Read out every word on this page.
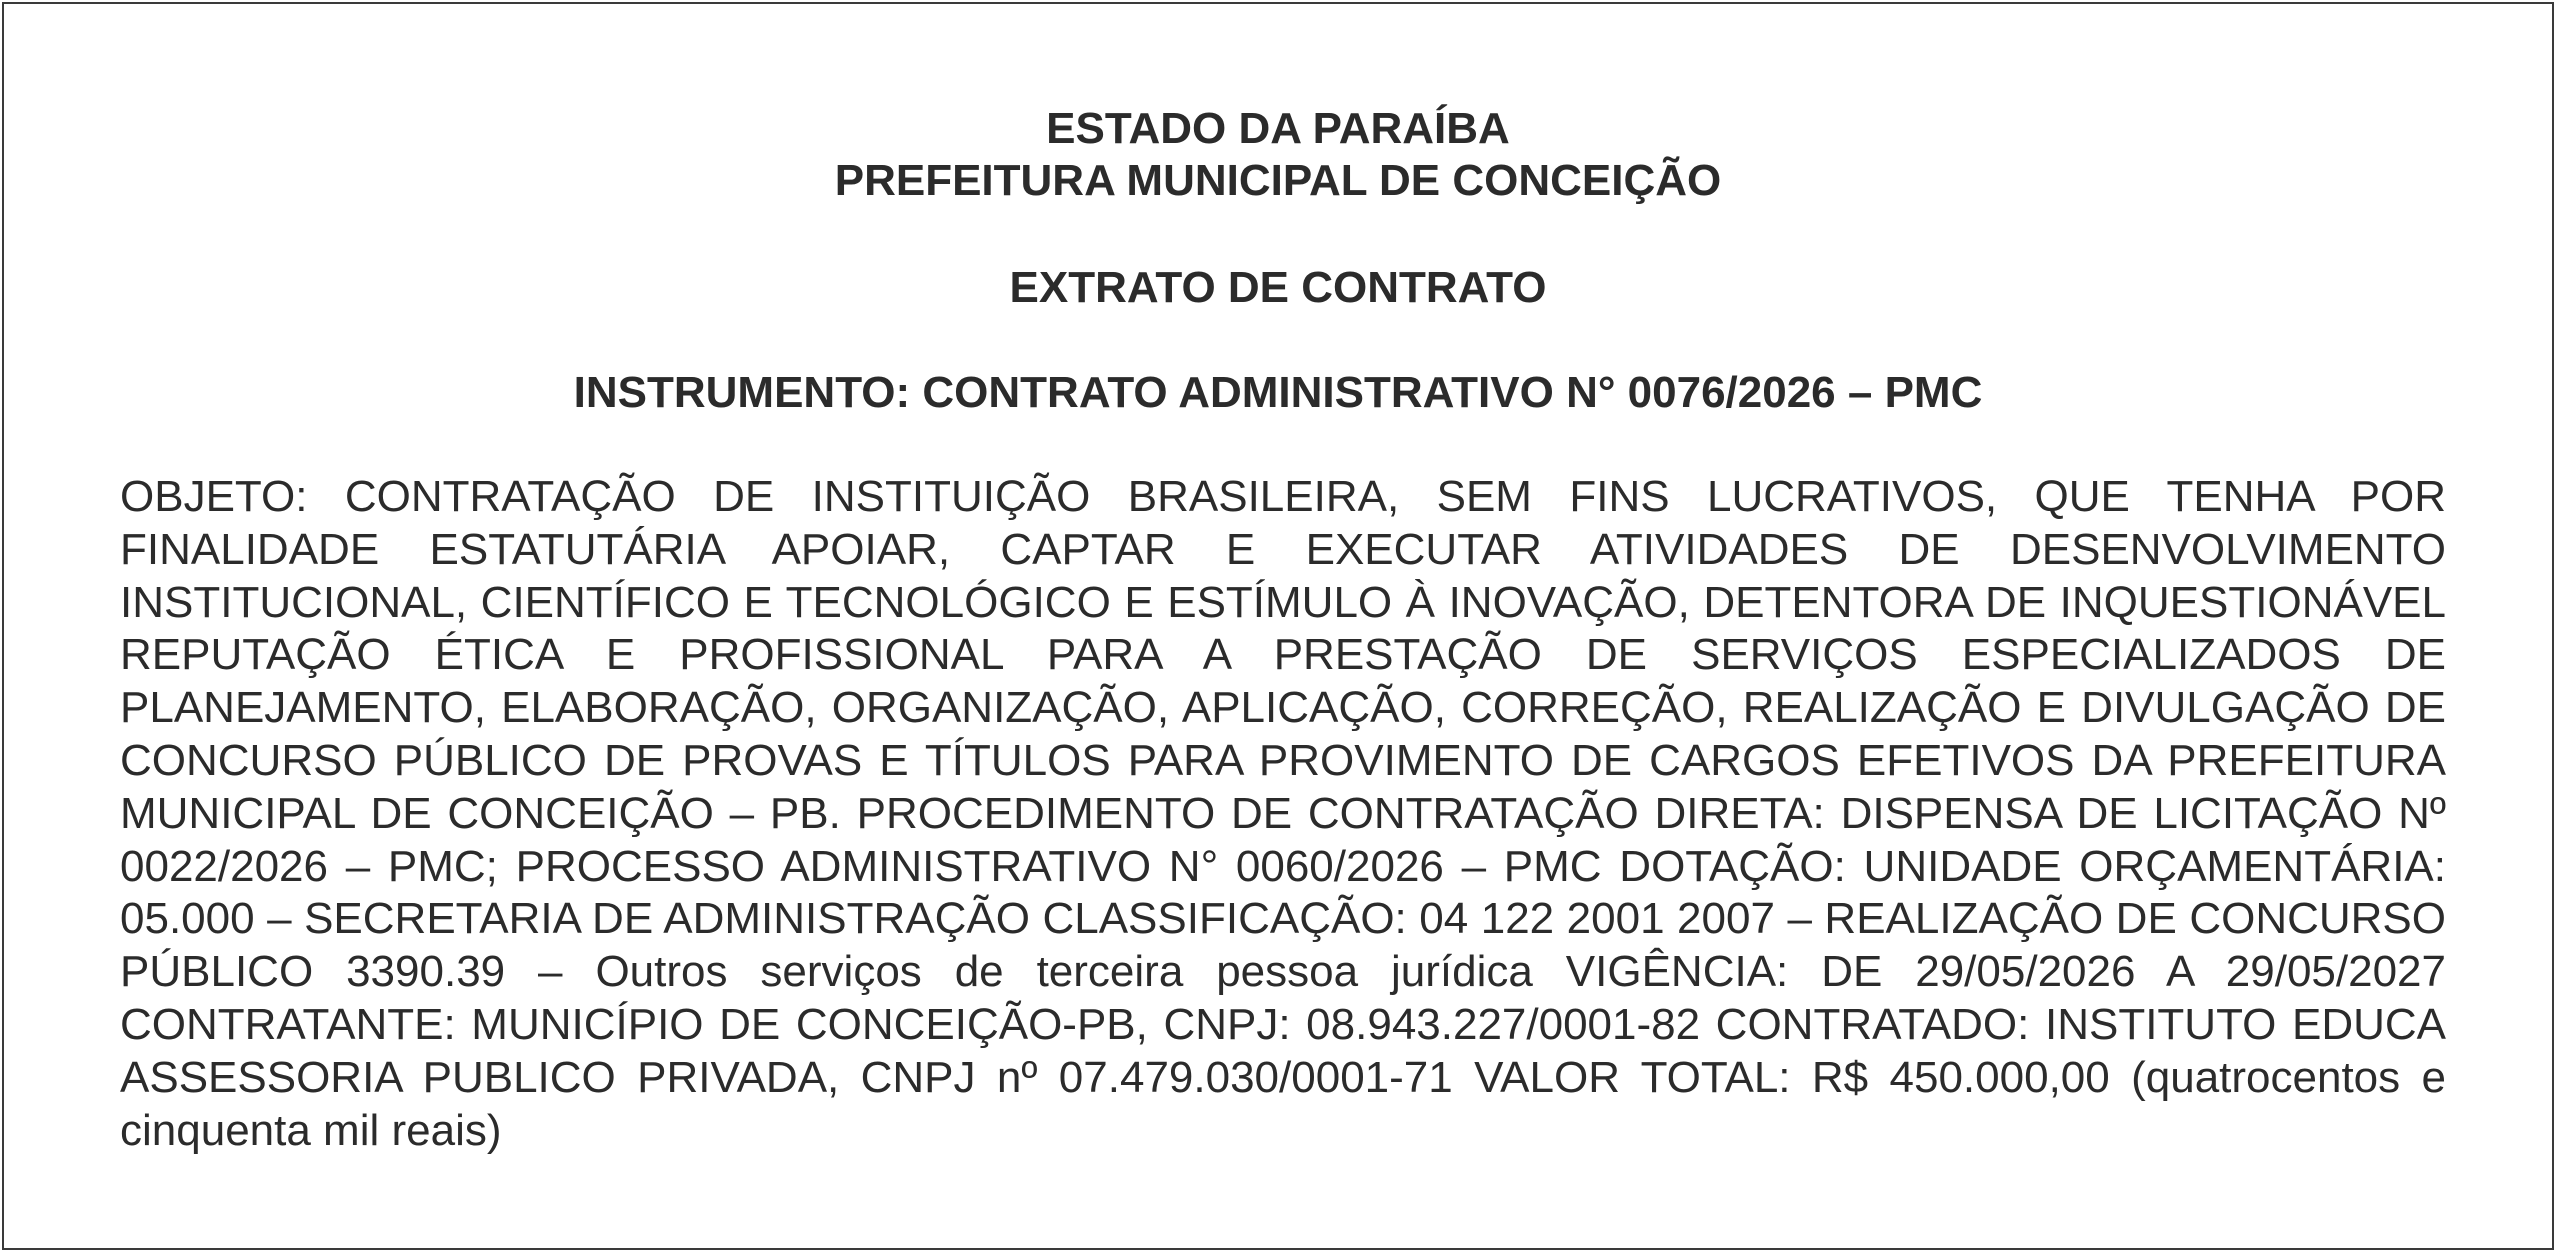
ESTADO DA PARAÍBA
PREFEITURA MUNICIPAL DE CONCEIÇÃO
EXTRATO DE CONTRATO
INSTRUMENTO: CONTRATO ADMINISTRATIVO N° 0076/2026 – PMC
OBJETO: CONTRATAÇÃO DE INSTITUIÇÃO BRASILEIRA, SEM FINS LUCRATIVOS, QUE TENHA POR FINALIDADE ESTATUTÁRIA APOIAR, CAPTAR E EXECUTAR ATIVIDADES DE DESENVOLVIMENTO INSTITUCIONAL, CIENTÍFICO E TECNOLÓGICO E ESTÍMULO À INOVAÇÃO, DETENTORA DE INQUESTIONÁVEL REPUTAÇÃO ÉTICA E PROFISSIONAL PARA A PRESTAÇÃO DE SERVIÇOS ESPECIALIZADOS DE PLANEJAMENTO, ELABORAÇÃO, ORGANIZAÇÃO, APLICAÇÃO, CORREÇÃO, REALIZAÇÃO E DIVULGAÇÃO DE CONCURSO PÚBLICO DE PROVAS E TÍTULOS PARA PROVIMENTO DE CARGOS EFETIVOS DA PREFEITURA MUNICIPAL DE CONCEIÇÃO – PB. PROCEDIMENTO DE CONTRATAÇÃO DIRETA: DISPENSA DE LICITAÇÃO Nº 0022/2026 – PMC; PROCESSO ADMINISTRATIVO N° 0060/2026 – PMC DOTAÇÃO: UNIDADE ORÇAMENTÁRIA: 05.000 – SECRETARIA DE ADMINISTRAÇÃO CLASSIFICAÇÃO: 04 122 2001 2007 – REALIZAÇÃO DE CONCURSO PÚBLICO 3390.39 – Outros serviços de terceira pessoa jurídica VIGÊNCIA: DE 29/05/2026 A 29/05/2027 CONTRATANTE: MUNICÍPIO DE CONCEIÇÃO-PB, CNPJ: 08.943.227/0001-82 CONTRATADO: INSTITUTO EDUCA ASSESSORIA PUBLICO PRIVADA, CNPJ nº 07.479.030/0001-71 VALOR TOTAL: R$ 450.000,00 (quatrocentos e cinquenta mil reais)
